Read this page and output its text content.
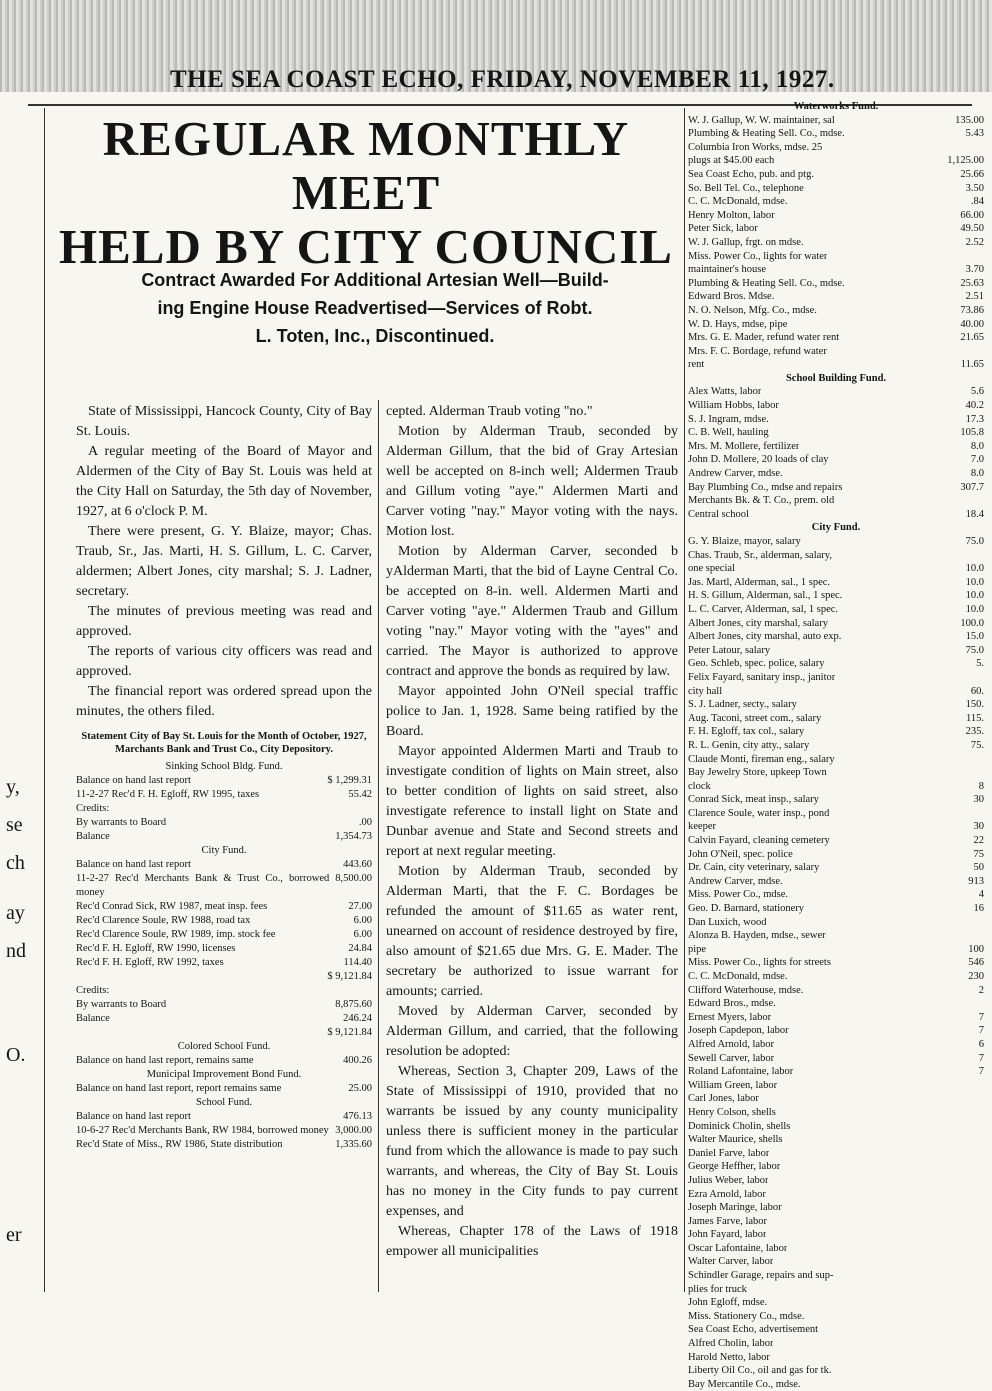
THE SEA COAST ECHO, FRIDAY, NOVEMBER 11, 1927.
y,
se
ch
ay
nd
O.
er
REGULAR MONTHLY MEET
HELD BY CITY COUNCIL
Contract Awarded For Additional Artesian Well—Build-
ing Engine House Readvertised—Services of Robt.
L. Toten, Inc., Discontinued.

State of Mississippi, Hancock County, City of Bay St. Louis.

A regular meeting of the Board of Mayor and Aldermen of the City of Bay St. Louis was held at the City Hall on Saturday, the 5th day of November, 1927, at 6 o'clock P. M.

There were present, G. Y. Blaize, mayor; Chas. Traub, Sr., Jas. Marti, H. S. Gillum, L. C. Carver, aldermen; Albert Jones, city marshal; S. J. Ladner, secretary.

The minutes of previous meeting was read and approved.

The reports of various city officers was read and approved.

The financial report was ordered spread upon the minutes, the others filed.

Statement City of Bay St. Louis for the Month of October, 1927, Marchants Bank and Trust Co., City Depository.
Sinking School Bldg. Fund.
Balance on hand last report	$ 1,299.31
11-2-27 Rec'd F. H. Egloff, RW 1995, taxes	55.42
Credits:
By warrants to Board	.00
Balance	1,354.73
City Fund.
Balance on hand last report	443.60
11-2-27 Rec'd Merchants Bank & Trust Co., borrowed money
8,500.00
Rec'd Conrad Sick, RW 1987, meat insp. fees	27.00
Rec'd Clarence Soule, RW 1988, road tax	6.00
Rec'd Clarence Soule, RW 1989, imp. stock fee	6.00
Rec'd F. H. Egloff, RW 1990, licenses	24.84
Rec'd F. H. Egloff, RW 1992, taxes	114.40
$ 9,121.84
Credits:
By warrants to Board	8,875.60
Balance	246.24
$ 9,121.84
Colored School Fund.
Balance on hand last report, remains same	400.26
Municipal Improvement Bond Fund.
Balance on hand last report, report remains same	25.00
School Fund.
Balance on hand last report	476.13
10-6-27 Rec'd Merchants Bank, RW 1984, borrowed money 3,000.00
Rec'd State of Miss., RW 1986, State distribution	1,335.60

cepted. Alderman Traub voting "no."

Motion by Alderman Traub, seconded by Alderman Gillum, that the bid of Gray Artesian well be accepted on 8-inch well; Aldermen Traub and Gillum voting "aye." Aldermen Marti and Carver voting "nay." Mayor voting with the nays. Motion lost.

Motion by Alderman Carver, seconded b yAlderman Marti, that the bid of Layne Central Co. be accepted on 8-in. well. Aldermen Marti and Carver voting "aye." Aldermen Traub and Gillum voting "nay." Mayor voting with the "ayes" and carried. The Mayor is authorized to approve contract and approve the bonds as required by law.

Mayor appointed John O'Neil special traffic police to Jan. 1, 1928. Same being ratified by the Board.

Mayor appointed Aldermen Marti and Traub to investigate condition of lights on Main street, also to better condition of lights on said street, also investigate reference to install light on State and Dunbar avenue and State and Second streets and report at next regular meeting.

Motion by Alderman Traub, seconded by Alderman Marti, that the F. C. Bordages be refunded the amount of $11.65 as water rent, unearned on account of residence destroyed by fire, also amount of $21.65 due Mrs. G. E. Mader. The secretary be authorized to issue warrant for amounts; carried.

Moved by Alderman Carver, seconded by Alderman Gillum, and carried, that the following resolution be adopted:

Whereas, Section 3, Chapter 209, Laws of the State of Mississippi of 1910, provided that no warrants be issued by any county municipality unless there is sufficient money in the particular fund from which the allowance is made to pay such warrants, and whereas, the City of Bay St. Louis has no money in the City funds to pay current expenses, and

Whereas, Chapter 178 of the Laws of 1918 empower all municipalities

Waterworks Fund.
W. J. Gallup, W. W. maintainer, sal	135.00
Plumbing & Heating Sell. Co., mdse.	5.43
Columbia Iron Works, mdse. 25
plugs at $45.00 each	1,125.00
Sea Coast Echo, pub. and ptg.	25.66
So. Bell Tel. Co., telephone	3.50
C. C. McDonald, mdse.	.84
Henry Molton, labor	66.00
Peter Sick, labor	49.50
W. J. Gallup, frgt. on mdse.	2.52
Miss. Power Co., lights for water
maintainer's house	3.70
Plumbing & Heating Sell. Co., mdse.	25.63
Edward Bros. Mdse.	2.51
N. O. Nelson, Mfg. Co., mdse.	73.86
W. D. Hays, mdse, pipe	40.00
Mrs. G. E. Mader, refund water rent	21.65
Mrs. F. C. Bordage, refund water
rent	11.65
School Building Fund.
Alex Watts, labor	5.6
William Hobbs, labor	40.2
S. J. Ingram, mdse.	17.3
C. B. Well, hauling	105.8
Mrs. M. Mollere, fertilizer	8.0
John D. Mollere, 20 loads of clay	7.0
Andrew Carver, mdse.	8.0
Bay Plumbing Co., mdse and repairs	307.7
Merchants Bk. & T. Co., prem. old
Central school	18.4
City Fund.
G. Y. Blaize, mayor, salary	75.0
Chas. Traub, Sr., alderman, salary,
one special	10.0
Jas. Martl, Alderman, sal., 1 spec.	10.0
H. S. Gillum, Alderman, sal., 1 spec.	10.0
L. C. Carver, Alderman, sal, 1 spec.	10.0
Albert Jones, city marshal, salary	100.0
Albert Jones, city marshal, auto exp.	15.0
Peter Latour, salary	75.0
Geo. Schleb, spec. police, salary	5.
Felix Fayard, sanitary insp., janitor
city hall	60.
S. J. Ladner, secty., salary	150.
Aug. Taconi, street com., salary	115.
F. H. Egloff, tax col., salary	235.
R. L. Genin, city atty., salary	75.
Claude Monti, fireman eng., salary
Bay Jewelry Store, upkeep Town
clock	8
Conrad Sick, meat insp., salary	30
Clarence Soule, water insp., pond
keeper	30
Calvin Fayard, cleaning cemetery	22
John O'Neil, spec. police	75
Dr. Cain, city veterinary, salary	50
Andrew Carver, mdse.	913
Miss. Power Co., mdse.	4
Geo. D. Barnard, stationery	16
Dan Luxich, wood
Alonza B. Hayden, mdse., sewer
pipe	100
Miss. Power Co., lights for streets	546
C. C. McDonald, mdse.	230
Clifford Waterhouse, mdse.	2
Edward Bros., mdse.
Ernest Myers, labor	7
Joseph Capdepon, labor	7
Alfred Arnold, labor	6
Sewell Carver, labor	7
Roland Lafontaine, labor	7
William Green, labor
Carl Jones, labor
Henry Colson, shells
Dominick Cholin, shells
Walter Maurice, shells
Daniel Farve, labor
George Heffher, labor
Julius Weber, labor
Ezra Arnold, labor
Joseph Maringe, labor
James Farve, labor
John Fayard, labor
Oscar Lafontaine, labor
Walter Carver, labor
Schindler Garage, repairs and sup-
plies for truck
John Egloff, mdse.
Miss. Stationery Co., mdse.
Sea Coast Echo, advertisement
Alfred Cholin, labor
Harold Netto, labor
Liberty Oil Co., oil and gas for tk.
Bay Mercantile Co., mdse.
